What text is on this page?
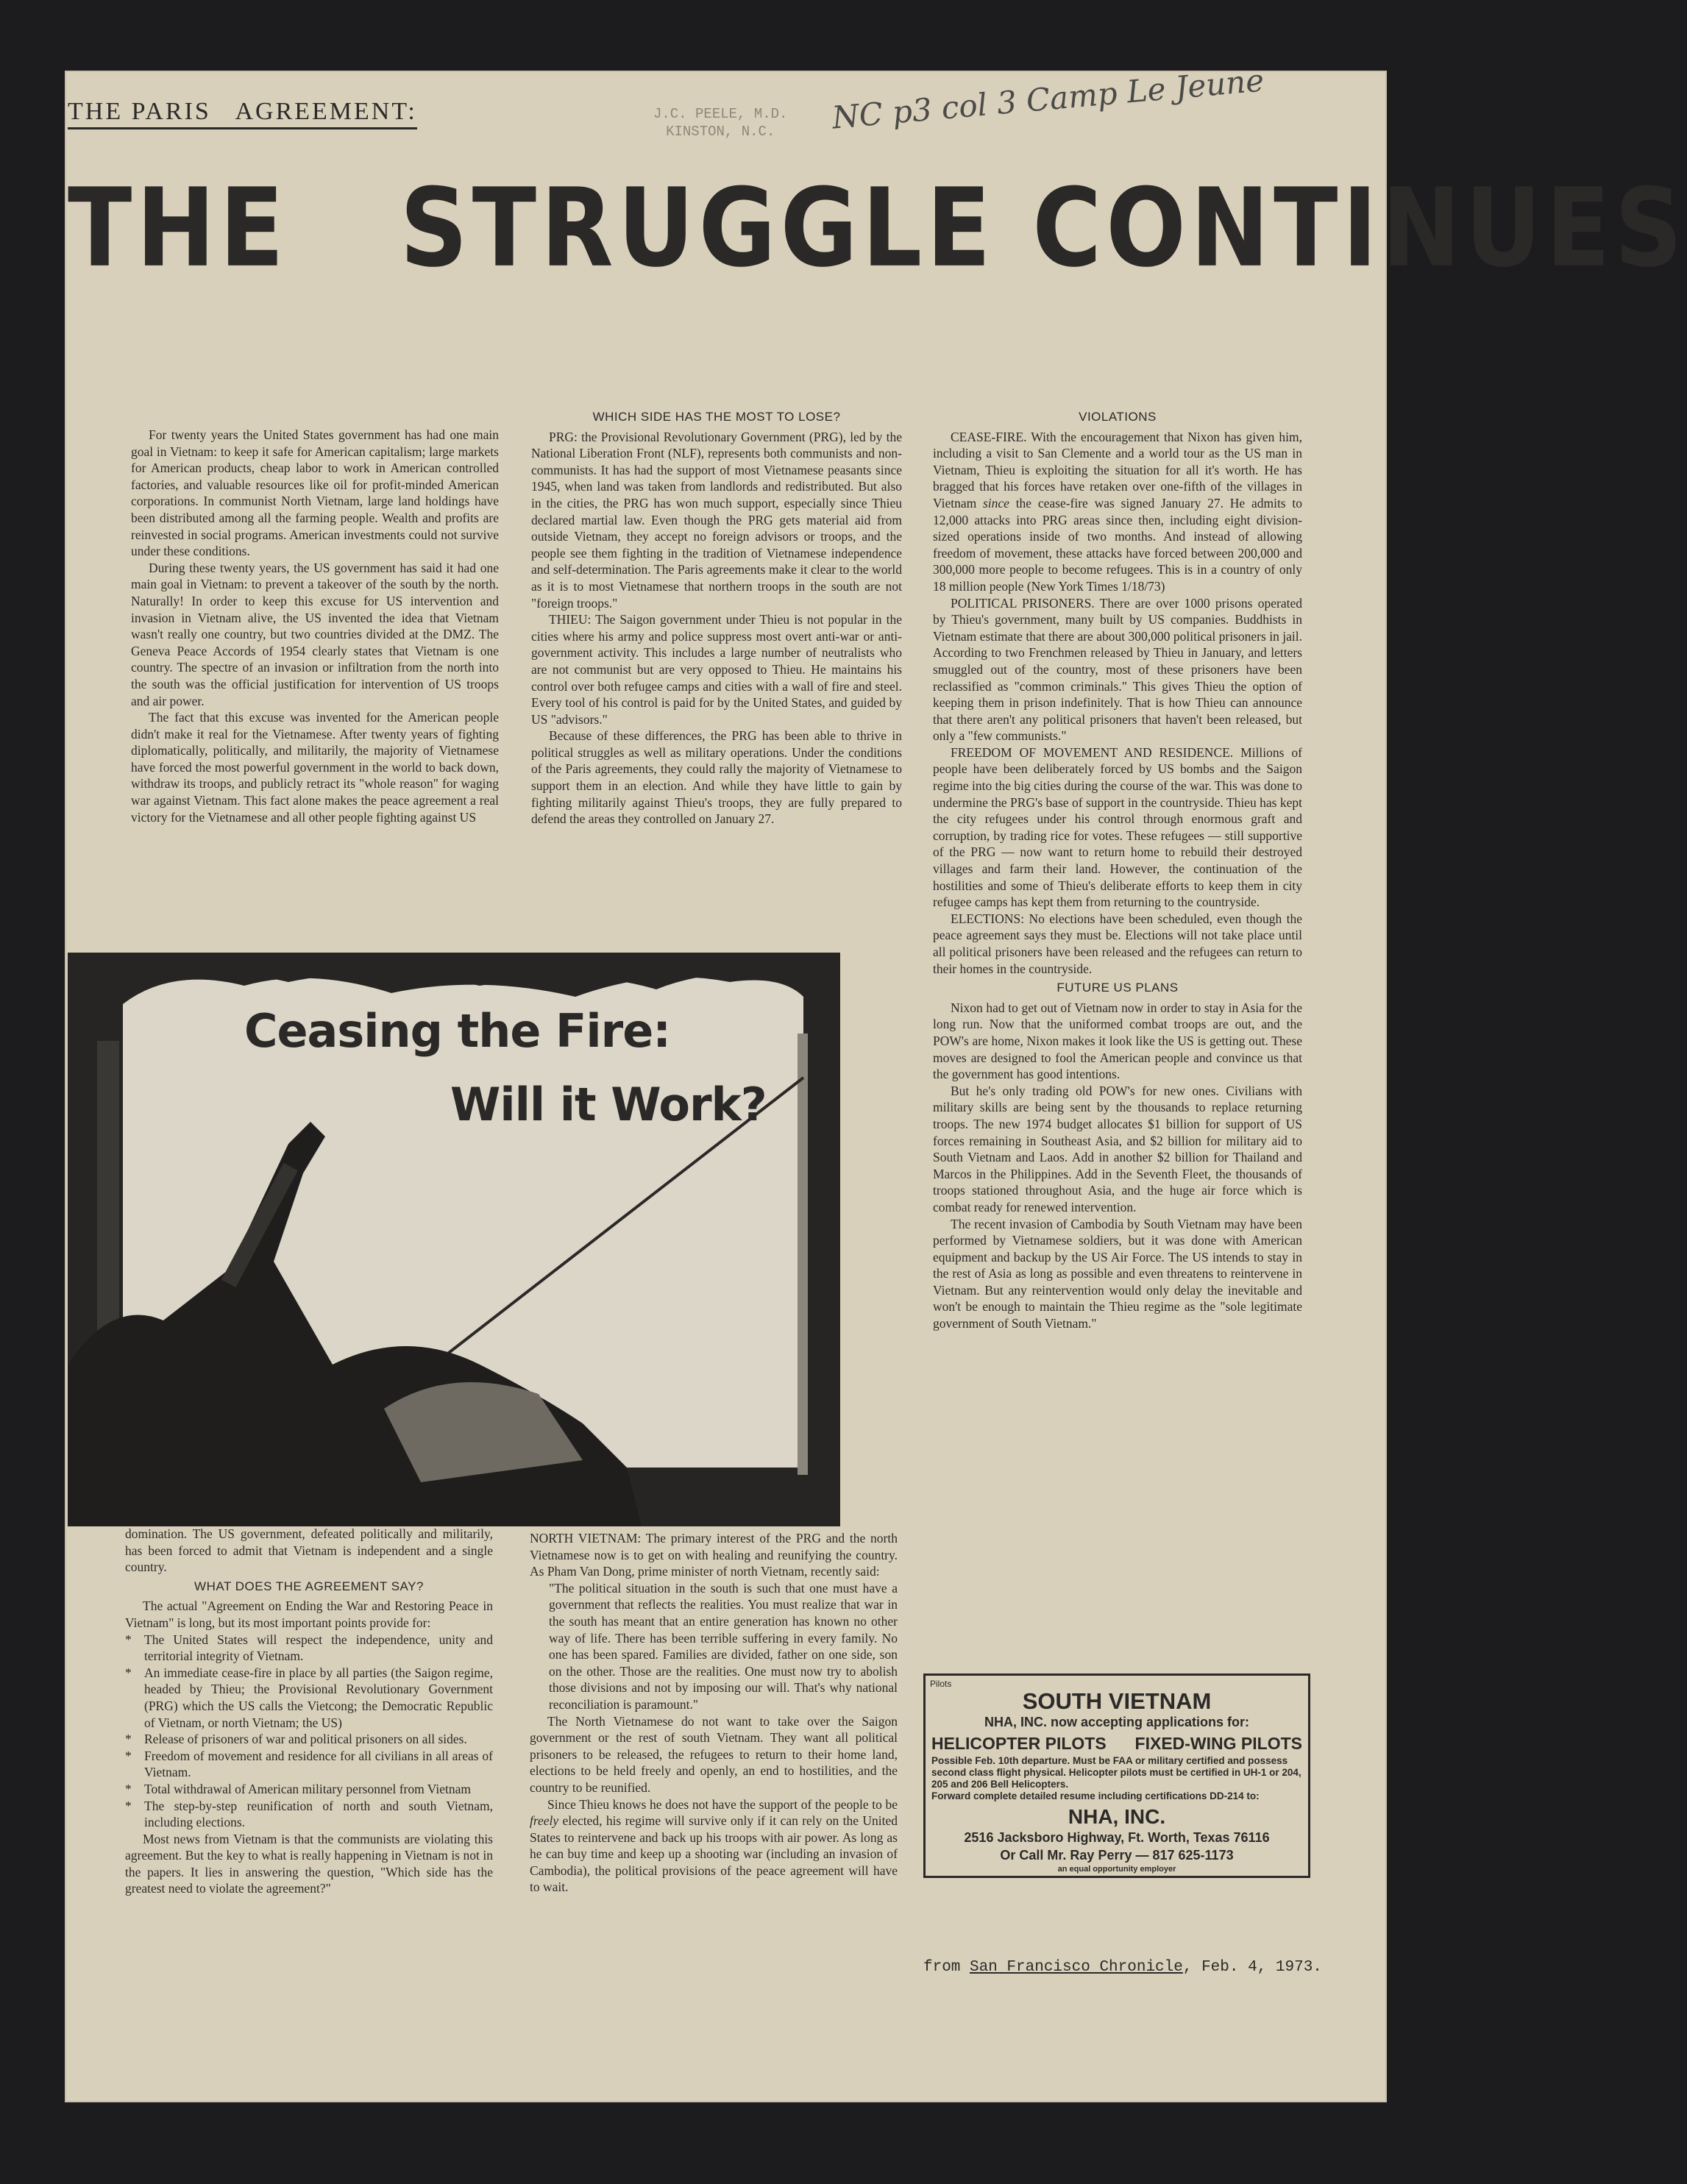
THE PARIS   AGREEMENT:	J.C. PEELE, M.D.
KINSTON, N.C.	NC p3 col 3 Camp Le Jeune
THE   STRUGGLE CONTINUES

For twenty years the United States government has had one main goal in Vietnam: to keep it safe for American capitalism; large markets for American products, cheap labor to work in American controlled factories, and valuable resources like oil for profit-minded American corporations. In communist North Vietnam, large land holdings have been distributed among all the farming people. Wealth and profits are reinvested in social programs. American investments could not survive under these conditions.

During these twenty years, the US government has said it had one main goal in Vietnam: to prevent a takeover of the south by the north. Naturally! In order to keep this excuse for US intervention and invasion in Vietnam alive, the US invented the idea that Vietnam wasn't really one country, but two countries divided at the DMZ. The Geneva Peace Accords of 1954 clearly states that Vietnam is one country. The spectre of an invasion or infiltration from the north into the south was the official justification for intervention of US troops and air power.

The fact that this excuse was invented for the American people didn't make it real for the Vietnamese. After twenty years of fighting diplomatically, politically, and militarily, the majority of Vietnamese have forced the most powerful government in the world to back down, withdraw its troops, and publicly retract its "whole reason" for waging war against Vietnam. This fact alone makes the peace agreement a real victory for the Vietnamese and all other people fighting against US

WHICH SIDE HAS THE MOST TO LOSE?

PRG: the Provisional Revolutionary Government (PRG), led by the National Liberation Front (NLF), represents both communists and non-communists. It has had the support of most Vietnamese peasants since 1945, when land was taken from landlords and redistributed. But also in the cities, the PRG has won much support, especially since Thieu declared martial law. Even though the PRG gets material aid from outside Vietnam, they accept no foreign advisors or troops, and the people see them fighting in the tradition of Vietnamese independence and self-determination. The Paris agreements make it clear to the world as it is to most Vietnamese that northern troops in the south are not "foreign troops."

THIEU: The Saigon government under Thieu is not popular in the cities where his army and police suppress most overt anti-war or anti-government activity. This includes a large number of neutralists who are not communist but are very opposed to Thieu. He maintains his control over both refugee camps and cities with a wall of fire and steel. Every tool of his control is paid for by the United States, and guided by US "advisors."

Because of these differences, the PRG has been able to thrive in political struggles as well as military operations. Under the conditions of the Paris agreements, they could rally the majority of Vietnamese to support them in an election. And while they have little to gain by fighting militarily against Thieu's troops, they are fully prepared to defend the areas they controlled on January 27.

Ceasing the Fire:
Will it Work?

domination. The US government, defeated politically and militarily, has been forced to admit that Vietnam is independent and a single country.

WHAT DOES THE AGREEMENT SAY?

The actual "Agreement on Ending the War and Restoring Peace in Vietnam" is long, but its most important points provide for:

* The United States will respect the independence, unity and territorial integrity of Vietnam.
* An immediate cease-fire in place by all parties (the Saigon regime, headed by Thieu; the Provisional Revolutionary Government (PRG) which the US calls the Vietcong; the Democratic Republic of Vietnam, or north Vietnam; the US)
* Release of prisoners of war and political prisoners on all sides.
* Freedom of movement and residence for all civilians in all areas of Vietnam.
* Total withdrawal of American military personnel from Vietnam
* The step-by-step reunification of north and south Vietnam, including elections.

Most news from Vietnam is that the communists are violating this agreement. But the key to what is really happening in Vietnam is not in the papers. It lies in answering the question, "Which side has the greatest need to violate the agreement?"

NORTH VIETNAM: The primary interest of the PRG and the north Vietnamese now is to get on with healing and reunifying the country. As Pham Van Dong, prime minister of north Vietnam, recently said:

"The political situation in the south is such that one must have a government that reflects the realities. You must realize that war in the south has meant that an entire generation has known no other way of life. There has been terrible suffering in every family. No one has been spared. Families are divided, father on one side, son on the other. Those are the realities. One must now try to abolish those divisions and not by imposing our will. That's why national reconciliation is paramount."

The North Vietnamese do not want to take over the Saigon government or the rest of south Vietnam. They want all political prisoners to be released, the refugees to return to their home land, elections to be held freely and openly, an end to hostilities, and the country to be reunified.

Since Thieu knows he does not have the support of the people to be freely elected, his regime will survive only if it can rely on the United States to reintervene and back up his troops with air power. As long as he can buy time and keep up a shooting war (including an invasion of Cambodia), the political provisions of the peace agreement will have to wait.

VIOLATIONS

CEASE-FIRE. With the encouragement that Nixon has given him, including a visit to San Clemente and a world tour as the US man in Vietnam, Thieu is exploiting the situation for all it's worth. He has bragged that his forces have retaken over one-fifth of the villages in Vietnam since the cease-fire was signed January 27. He admits to 12,000 attacks into PRG areas since then, including eight division-sized operations inside of two months. And instead of allowing freedom of movement, these attacks have forced between 200,000 and 300,000 more people to become refugees. This is in a country of only 18 million people (New York Times 1/18/73)

POLITICAL PRISONERS. There are over 1000 prisons operated by Thieu's government, many built by US companies. Buddhists in Vietnam estimate that there are about 300,000 political prisoners in jail. According to two Frenchmen released by Thieu in January, and letters smuggled out of the country, most of these prisoners have been reclassified as "common criminals." This gives Thieu the option of keeping them in prison indefinitely. That is how Thieu can announce that there aren't any political prisoners that haven't been released, but only a "few communists."

FREEDOM OF MOVEMENT AND RESIDENCE. Millions of people have been deliberately forced by US bombs and the Saigon regime into the big cities during the course of the war. This was done to undermine the PRG's base of support in the countryside. Thieu has kept the city refugees under his control through enormous graft and corruption, by trading rice for votes. These refugees — still supportive of the PRG — now want to return home to rebuild their destroyed villages and farm their land. However, the continuation of the hostilities and some of Thieu's deliberate efforts to keep them in city refugee camps has kept them from returning to the countryside.

ELECTIONS: No elections have been scheduled, even though the peace agreement says they must be. Elections will not take place until all political prisoners have been released and the refugees can return to their homes in the countryside.

FUTURE US PLANS

Nixon had to get out of Vietnam now in order to stay in Asia for the long run. Now that the uniformed combat troops are out, and the POW's are home, Nixon makes it look like the US is getting out. These moves are designed to fool the American people and convince us that the government has good intentions.

But he's only trading old POW's for new ones. Civilians with military skills are being sent by the thousands to replace returning troops. The new 1974 budget allocates $1 billion for support of US forces remaining in Southeast Asia, and $2 billion for military aid to South Vietnam and Laos. Add in another $2 billion for Thailand and Marcos in the Philippines. Add in the Seventh Fleet, the thousands of troops stationed throughout Asia, and the huge air force which is combat ready for renewed intervention.

The recent invasion of Cambodia by South Vietnam may have been performed by Vietnamese soldiers, but it was done with American equipment and backup by the US Air Force. The US intends to stay in the rest of Asia as long as possible and even threatens to reintervene in Vietnam. But any reintervention would only delay the inevitable and won't be enough to maintain the Thieu regime as the "sole legitimate government of South Vietnam."

Pilots
SOUTH VIETNAM
NHA, INC. now accepting applications for:
HELICOPTER PILOTS FIXED-WING PILOTS
Possible Feb. 10th departure. Must be FAA or military certified and possess second class flight physical. Helicopter pilots must be certified in UH-1 or 204, 205 and 206 Bell Helicopters.
Forward complete detailed resume including certifications DD-214 to:
NHA, INC.
2516 Jacksboro Highway, Ft. Worth, Texas 76116
Or Call Mr. Ray Perry — 817 625-1173
an equal opportunity employer
from San Francisco Chronicle, Feb. 4, 1973.
